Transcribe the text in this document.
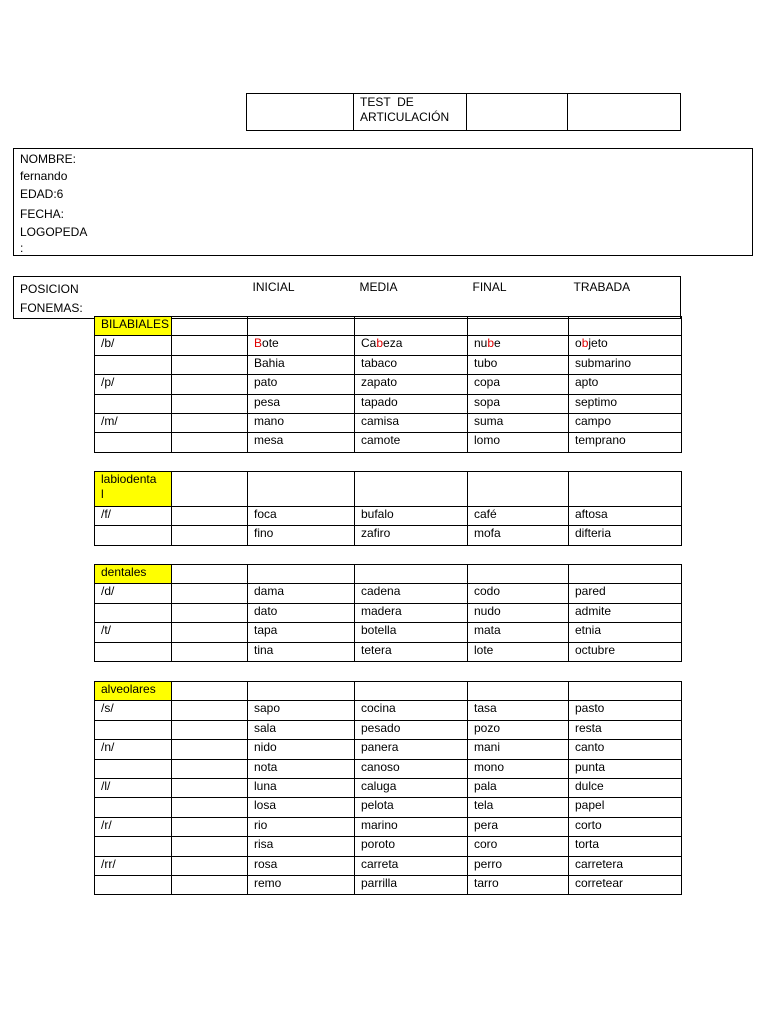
	TEST  DE
ARTICULACIÓN		
NOMBRE:
fernando
EDAD:6
FECHA:
LOGOPEDA
:
POSICION
FONEMAS:	INICIAL	MEDIA	FINAL	TRABADA
BILABIALES					
/b/		Bote	Cabeza	nube	objeto
		Bahia	tabaco	tubo	submarino
/p/		pato	zapato	copa	apto
		pesa	tapado	sopa	septimo
/m/		mano	camisa	suma	campo
		mesa	camote	lomo	temprano
labiodenta
l					
/f/		foca	bufalo	café	aftosa
		fino	zafiro	mofa	difteria
dentales					
/d/		dama	cadena	codo	pared
		dato	madera	nudo	admite
/t/		tapa	botella	mata	etnia
		tina	tetera	lote	octubre
alveolares					
/s/		sapo	cocina	tasa	pasto
		sala	pesado	pozo	resta
/n/		nido	panera	mani	canto
		nota	canoso	mono	punta
/l/		luna	caluga	pala	dulce
		losa	pelota	tela	papel
/r/		rio	marino	pera	corto
		risa	poroto	coro	torta
/rr/		rosa	carreta	perro	carretera
		remo	parrilla	tarro	corretear
